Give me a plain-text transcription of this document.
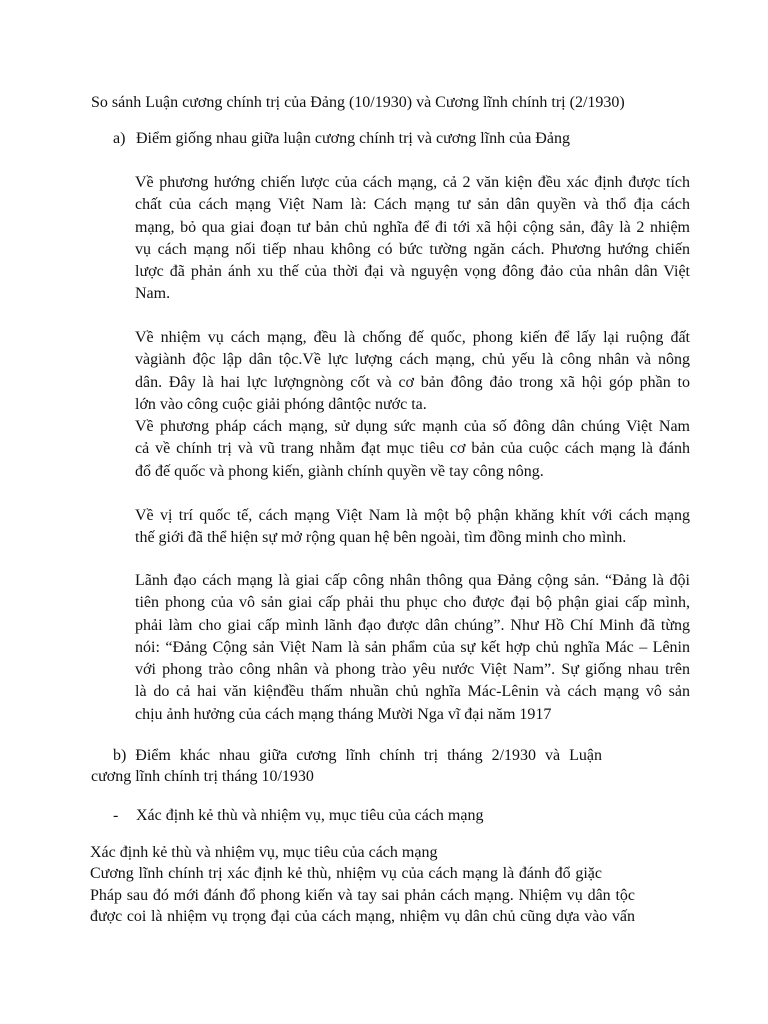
So sánh Luận cương chính trị của Đảng (10/1930) và Cương lĩnh chính trị (2/1930)
a) Điểm giống nhau giữa luận cương chính trị và cương lĩnh của Đảng

Về phương hướng chiến lược của cách mạng, cả 2 văn kiện đều xác định được tích

chất của cách mạng Việt Nam là: Cách mạng tư sản dân quyền và thổ địa cách

mạng, bỏ qua giai đoạn tư bản chủ nghĩa để đi tới xã hội cộng sản, đây là 2 nhiệm

vụ cách mạng nối tiếp nhau không có bức tường ngăn cách. Phương hướng chiến

lược đã phản ánh xu thế của thời đại và nguyện vọng đông đảo của nhân dân Việt

Nam.

Về nhiệm vụ cách mạng, đều là chống đế quốc, phong kiến để lấy lại ruộng đất

vàgiành độc lập dân tộc.Về lực lượng cách mạng, chủ yếu là công nhân và nông

dân. Đây là hai lực lượngnòng cốt và cơ bản đông đảo trong xã hội góp phần to

lớn vào công cuộc giải phóng dântộc nước ta.

Về phương pháp cách mạng, sử dụng sức mạnh của số đông dân chúng Việt Nam

cả về chính trị và vũ trang nhằm đạt mục tiêu cơ bản của cuộc cách mạng là đánh

đổ đế quốc và phong kiến, giành chính quyền về tay công nông.

Về vị trí quốc tế, cách mạng Việt Nam là một bộ phận khăng khít với cách mạng

thế giới đã thể hiện sự mở rộng quan hệ bên ngoài, tìm đồng minh cho mình.

Lãnh đạo cách mạng là giai cấp công nhân thông qua Đảng cộng sản. “Đảng là đội

tiên phong của vô sản giai cấp phải thu phục cho được đại bộ phận giai cấp mình,

phải làm cho giai cấp mình lãnh đạo được dân chúng”. Như Hồ Chí Minh đã từng

nói: “Đảng Cộng sản Việt Nam là sản phẩm của sự kết hợp chủ nghĩa Mác – Lênin

với phong trào công nhân và phong trào yêu nước Việt Nam”. Sự giống nhau trên

là do cả hai văn kiệnđều thấm nhuần chủ nghĩa Mác-Lênin và cách mạng vô sản

chịu ảnh hưởng của cách mạng tháng Mười Nga vĩ đại năm 1917

b) Điểm khác nhau giữa cương lĩnh chính trị tháng 2/1930 và Luận
cương lĩnh chính trị tháng 10/1930
- Xác định kẻ thù và nhiệm vụ, mục tiêu của cách mạng

Xác định kẻ thù và nhiệm vụ, mục tiêu của cách mạng

Cương lĩnh chính trị xác định kẻ thù, nhiệm vụ của cách mạng là đánh đổ giặc

Pháp sau đó mới đánh đổ phong kiến và tay sai phản cách mạng. Nhiệm vụ dân tộc

được coi là nhiệm vụ trọng đại của cách mạng, nhiệm vụ dân chủ cũng dựa vào vấn
